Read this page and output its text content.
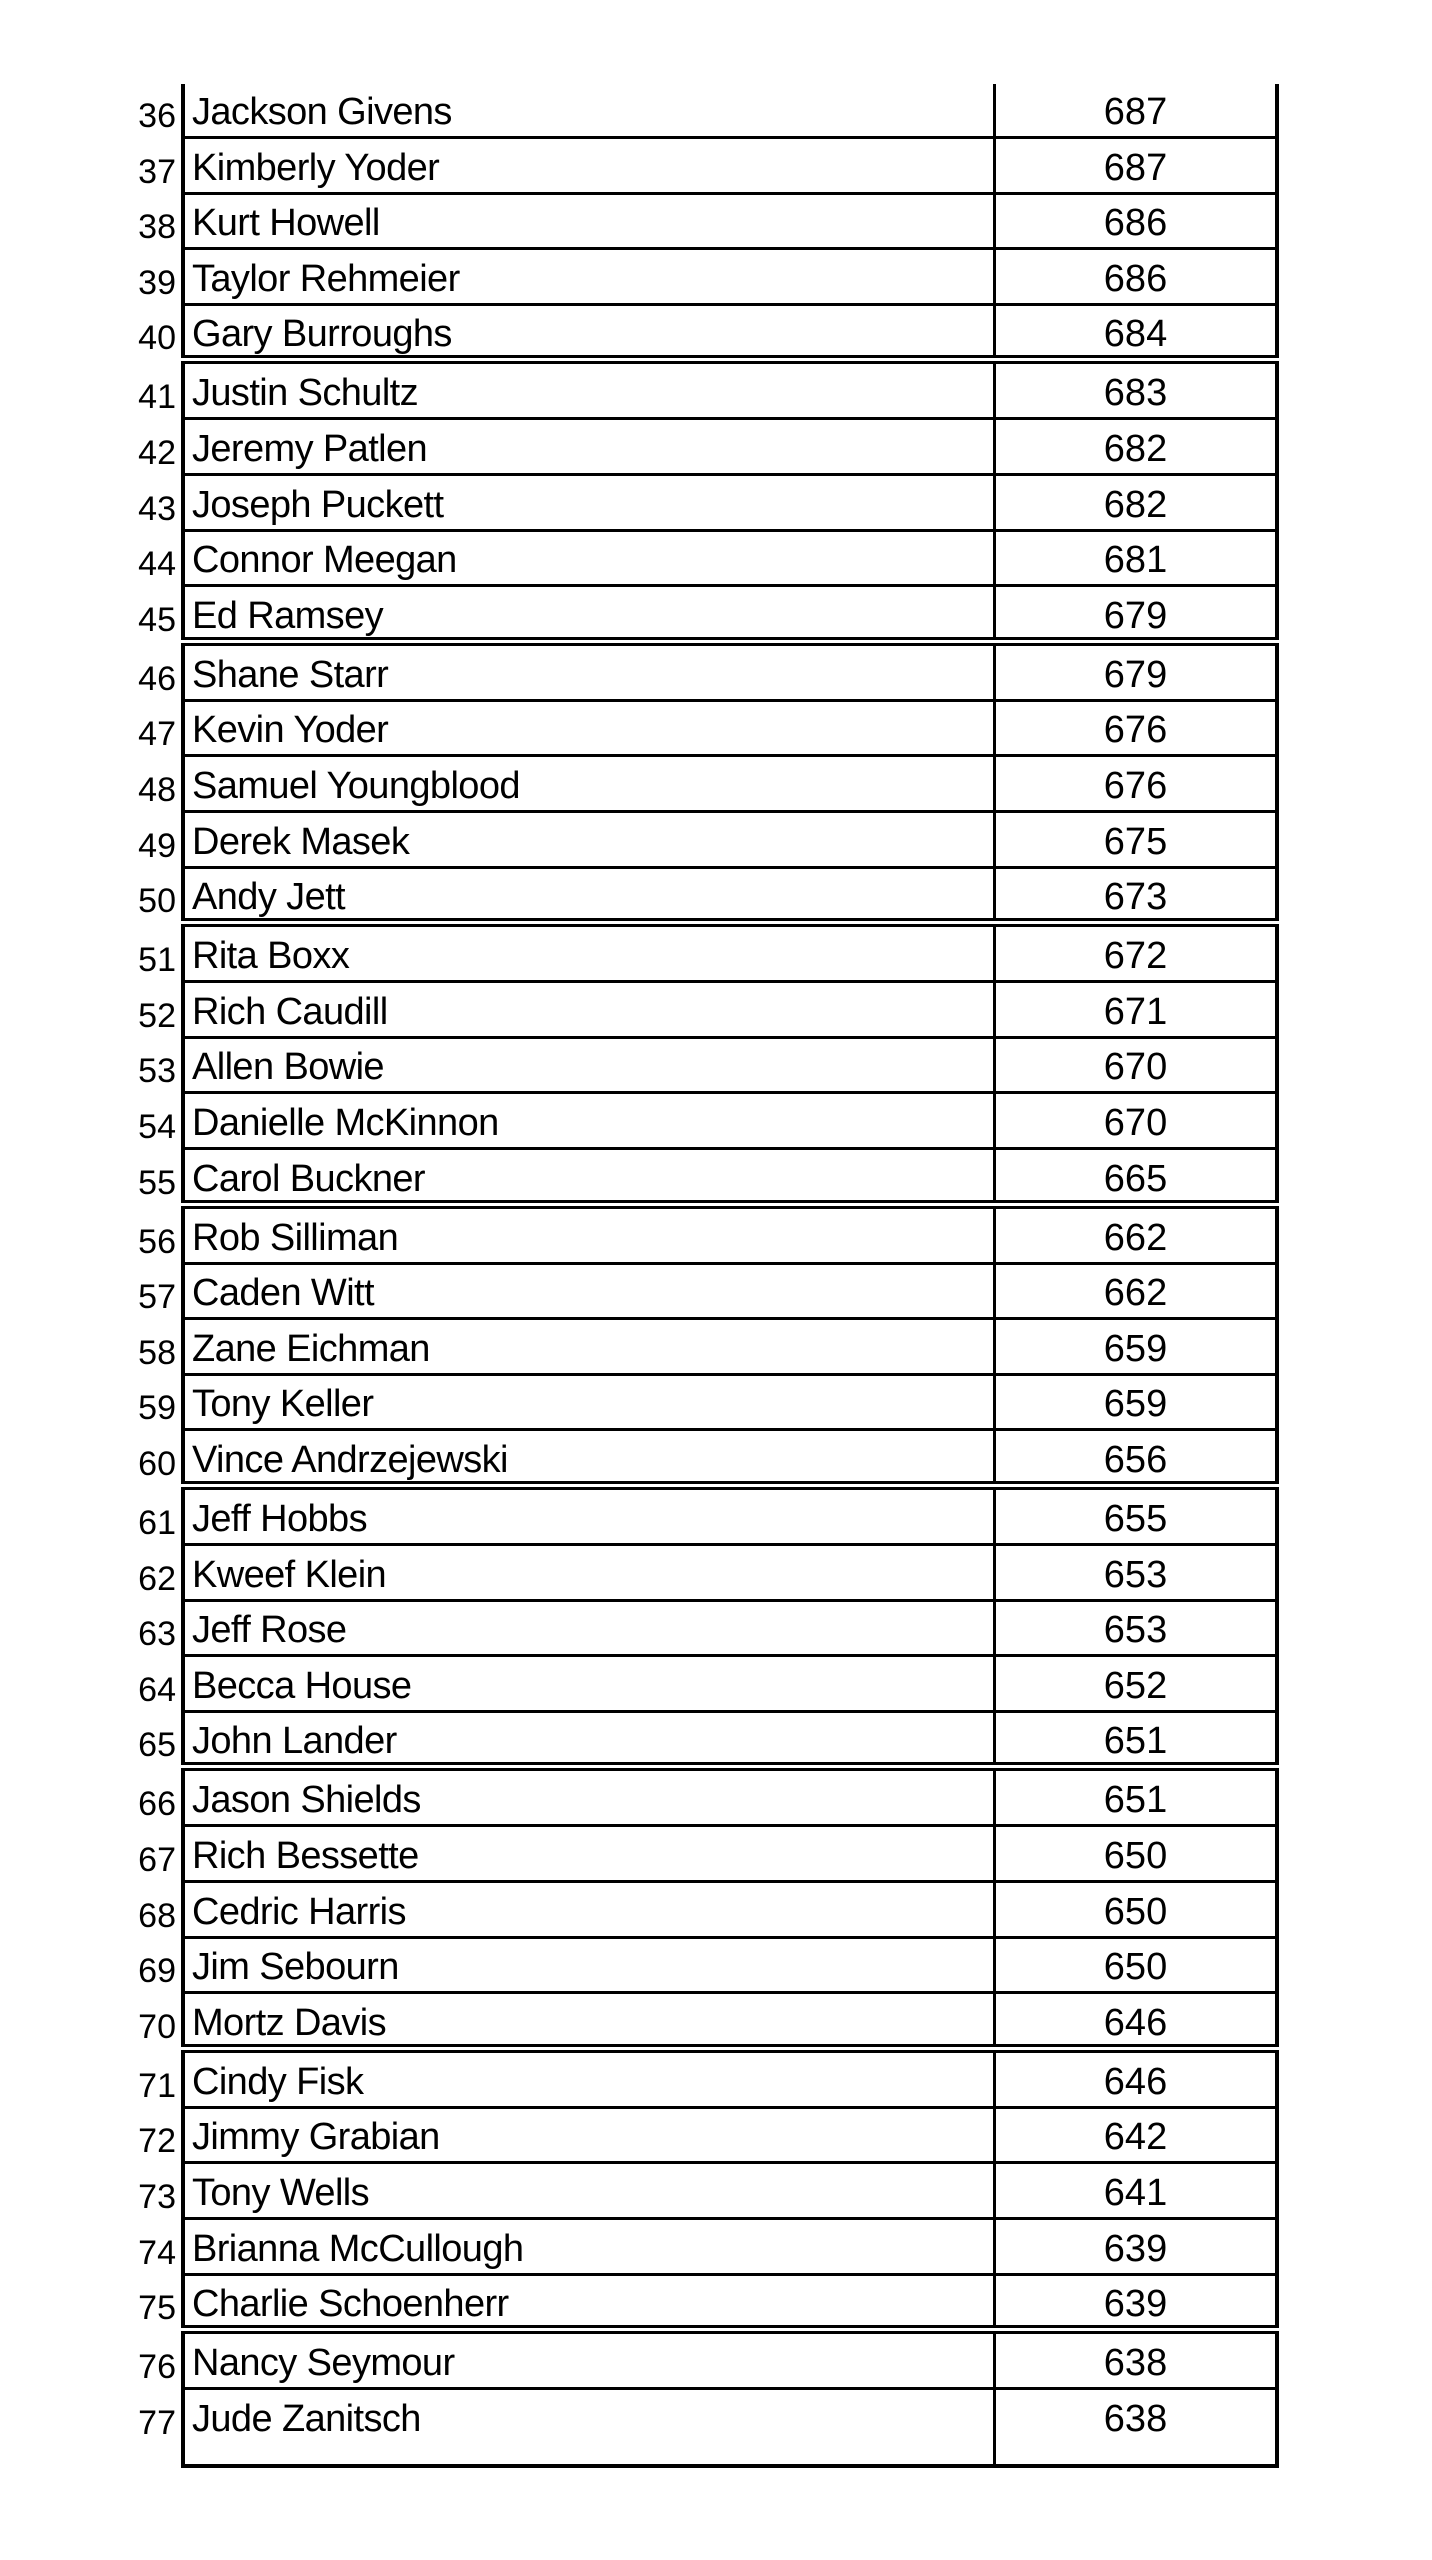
36 Jackson Givens	687
37 Kimberly Yoder	687
38 Kurt Howell	686
39 Taylor Rehmeier	686
40 Gary Burroughs	684
41 Justin Schultz	683
42 Jeremy Patlen	682
43 Joseph Puckett	682
44 Connor Meegan	681
45 Ed Ramsey	679
46 Shane Starr	679
47 Kevin Yoder	676
48 Samuel Youngblood	676
49 Derek Masek	675
50 Andy Jett	673
51 Rita Boxx	672
52 Rich Caudill	671
53 Allen Bowie	670
54 Danielle McKinnon	670
55 Carol Buckner	665
56 Rob Silliman	662
57 Caden Witt	662
58 Zane Eichman	659
59 Tony Keller	659
60 Vince Andrzejewski	656
61 Jeff Hobbs	655
62 Kweef Klein	653
63 Jeff Rose	653
64 Becca House	652
65 John Lander	651
66 Jason Shields	651
67 Rich Bessette	650
68 Cedric Harris	650
69 Jim Sebourn	650
70 Mortz Davis	646
71 Cindy Fisk	646
72 Jimmy Grabian	642
73 Tony Wells	641
74 Brianna McCullough	639
75 Charlie Schoenherr	639
76 Nancy Seymour	638
77 Jude Zanitsch	638
